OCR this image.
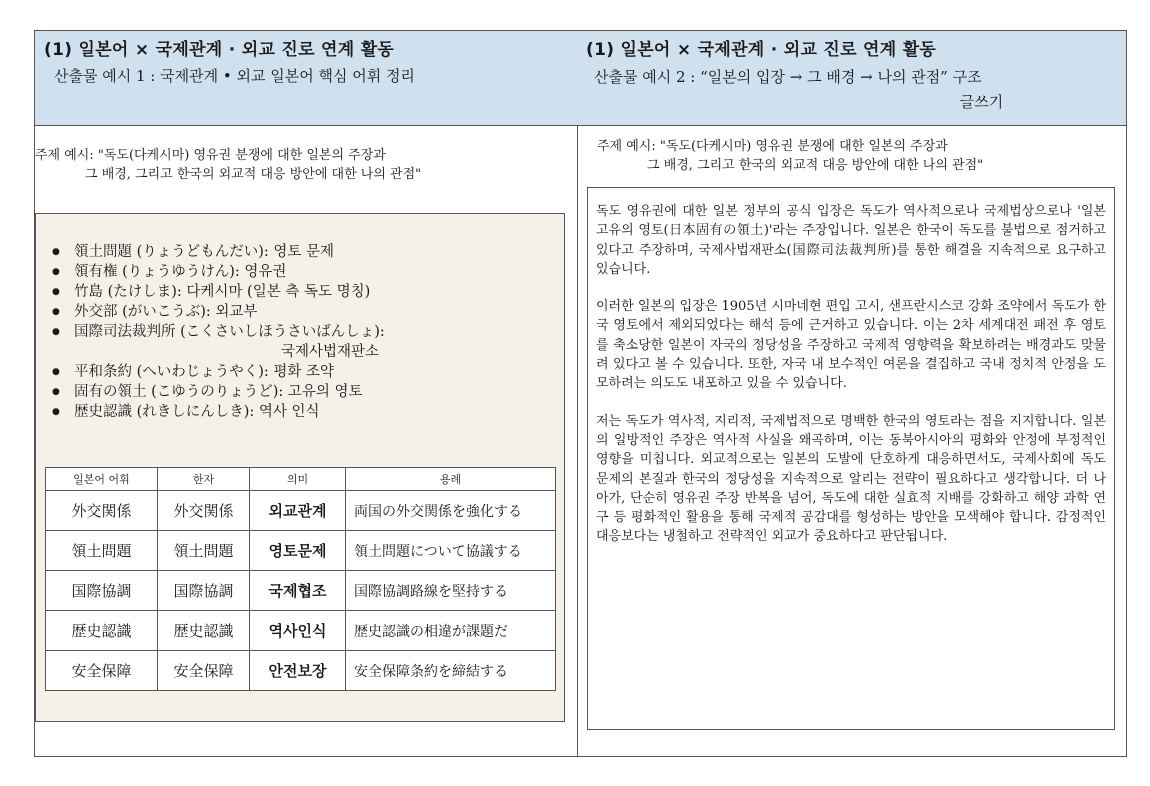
(1) 일본어 × 국제관계 · 외교 진로 연계 활동
산출물 예시 1 : 국제관계 • 외교 일본어 핵심 어휘 정리
주제 예시: "독도(다케시마) 영유권 분쟁에 대한 일본의 주장과
그 배경, 그리고 한국의 외교적 대응 방안에 대한 나의 관점"
● 領土問題 (りょうどもんだい): 영토 문제
● 領有権 (りょうゆうけん): 영유권
● 竹島 (たけしま): 다케시마 (일본 측 독도 명칭)
● 外交部 (がいこうぶ): 외교부
● 国際司法裁判所 (こくさいしほうさいばんしょ):
국제사법재판소
● 平和条約 (へいわじょうやく): 평화 조약
● 固有の領土 (こゆうのりょうど): 고유의 영토
● 歴史認識 (れきしにんしき): 역사 인식
일본어 어휘	한자	의미	용례
外交関係	外交関係	외교관계	両国の外交関係を強化する
領土問題	領土問題	영토문제	領土問題について協議する
国際協調	国際協調	국제협조	国際協調路線を堅持する
歴史認識	歴史認識	역사인식	歴史認識の相違が課題だ
安全保障	安全保障	안전보장	安全保障条約を締結する
(1) 일본어 × 국제관계 · 외교 진로 연계 활동
산출물 예시 2 : “일본의 입장 → 그 배경 → 나의 관점” 구조
글쓰기
주제 예시: "독도(다케시마) 영유권 분쟁에 대한 일본의 주장과
그 배경, 그리고 한국의 외교적 대응 방안에 대한 나의 관점"

독도 영유권에 대한 일본 정부의 공식 입장은 독도가 역사적으로나 국제법상으로나 '일본 고유의 영토(日本固有の領土)'라는 주장입니다. 일본은 한국이 독도를 불법으로 점거하고 있다고 주장하며, 국제사법재판소(国際司法裁判所)를 통한 해결을 지속적으로 요구하고 있습니다.

이러한 일본의 입장은 1905년 시마네현 편입 고시, 샌프란시스코 강화 조약에서 독도가 한국 영토에서 제외되었다는 해석 등에 근거하고 있습니다. 이는 2차 세계대전 패전 후 영토를 축소당한 일본이 자국의 정당성을 주장하고 국제적 영향력을 확보하려는 배경과도 맞물려 있다고 볼 수 있습니다. 또한, 자국 내 보수적인 여론을 결집하고 국내 정치적 안정을 도모하려는 의도도 내포하고 있을 수 있습니다.

저는 독도가 역사적, 지리적, 국제법적으로 명백한 한국의 영토라는 점을 지지합니다. 일본의 일방적인 주장은 역사적 사실을 왜곡하며, 이는 동북아시아의 평화와 안정에 부정적인 영향을 미칩니다. 외교적으로는 일본의 도발에 단호하게 대응하면서도, 국제사회에 독도 문제의 본질과 한국의 정당성을 지속적으로 알리는 전략이 필요하다고 생각합니다. 더 나아가, 단순히 영유권 주장 반복을 넘어, 독도에 대한 실효적 지배를 강화하고 해양 과학 연구 등 평화적인 활용을 통해 국제적 공감대를 형성하는 방안을 모색해야 합니다. 감정적인 대응보다는 냉철하고 전략적인 외교가 중요하다고 판단됩니다.
